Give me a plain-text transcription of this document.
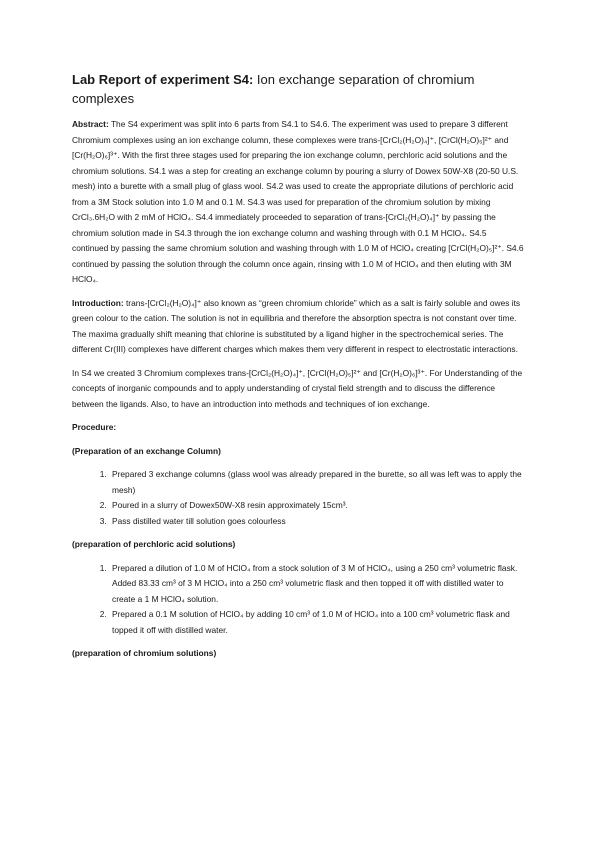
Lab Report of experiment S4: Ion exchange separation of chromium complexes

Abstract: The S4 experiment was split into 6 parts from S4.1 to S4.6. The experiment was used to prepare 3 different Chromium complexes using an ion exchange column, these complexes were trans-[CrCl₂(H₂O)₄]⁺, [CrCl(H₂O)₅]²⁺ and [Cr(H₂O)₆]³⁺. With the first three stages used for preparing the ion exchange column, perchloric acid solutions and the chromium solutions. S4.1 was a step for creating an exchange column by pouring a slurry of Dowex 50W-X8 (20-50 U.S. mesh) into a burette with a small plug of glass wool. S4.2 was used to create the appropriate dilutions of perchloric acid from a 3M Stock solution into 1.0 M and 0.1 M. S4.3 was used for preparation of the chromium solution by mixing CrCl₃.6H₂O with 2 mM of HClO₄. S4.4 immediately proceeded to separation of trans-[CrCl₂(H₂O)₄]⁺ by passing the chromium solution made in S4.3 through the ion exchange column and washing through with 0.1 M HClO₄. S4.5 continued by passing the same chromium solution and washing through with 1.0 M of HClO₄ creating [CrCl(H₂O)₅]²⁺. S4.6 continued by passing the solution through the column once again, rinsing with 1.0 M of HClO₄ and then eluting with 3M HClO₄.

Introduction: trans-[CrCl₂(H₂O)₄]⁺ also known as “green chromium chloride” which as a salt is fairly soluble and owes its green colour to the cation. The solution is not in equilibria and therefore the absorption spectra is not constant over time. The maxima gradually shift meaning that chlorine is substituted by a ligand higher in the spectrochemical series. The different Cr(III) complexes have different charges which makes them very different in respect to electrostatic interactions.

In S4 we created 3 Chromium complexes trans-[CrCl₂(H₂O)₄]⁺, [CrCl(H₂O)₅]²⁺ and [Cr(H₂O)₆]³⁺. For Understanding of the concepts of inorganic compounds and to apply understanding of crystal field strength and to discuss the difference between the ligands. Also, to have an introduction into methods and techniques of ion exchange.

Procedure:
(Preparation of an exchange Column)
1. Prepared 3 exchange columns (glass wool was already prepared in the burette, so all was left was to apply the mesh)
2. Poured in a slurry of Dowex50W-X8 resin approximately 15cm³.
3. Pass distilled water till solution goes colourless
(preparation of perchloric acid solutions)
1. Prepared a dilution of 1.0 M of HClO₄ from a stock solution of 3 M of HClO₄, using a 250 cm³ volumetric flask. Added 83.33 cm³ of 3 M HClO₄ into a 250 cm³ volumetric flask and then topped it off with distilled water to create a 1 M HClO₄ solution.
2. Prepared a 0.1 M solution of HClO₄ by adding 10 cm³ of 1.0 M of HClO₄ into a 100 cm³ volumetric flask and topped it off with distilled water.
(preparation of chromium solutions)
